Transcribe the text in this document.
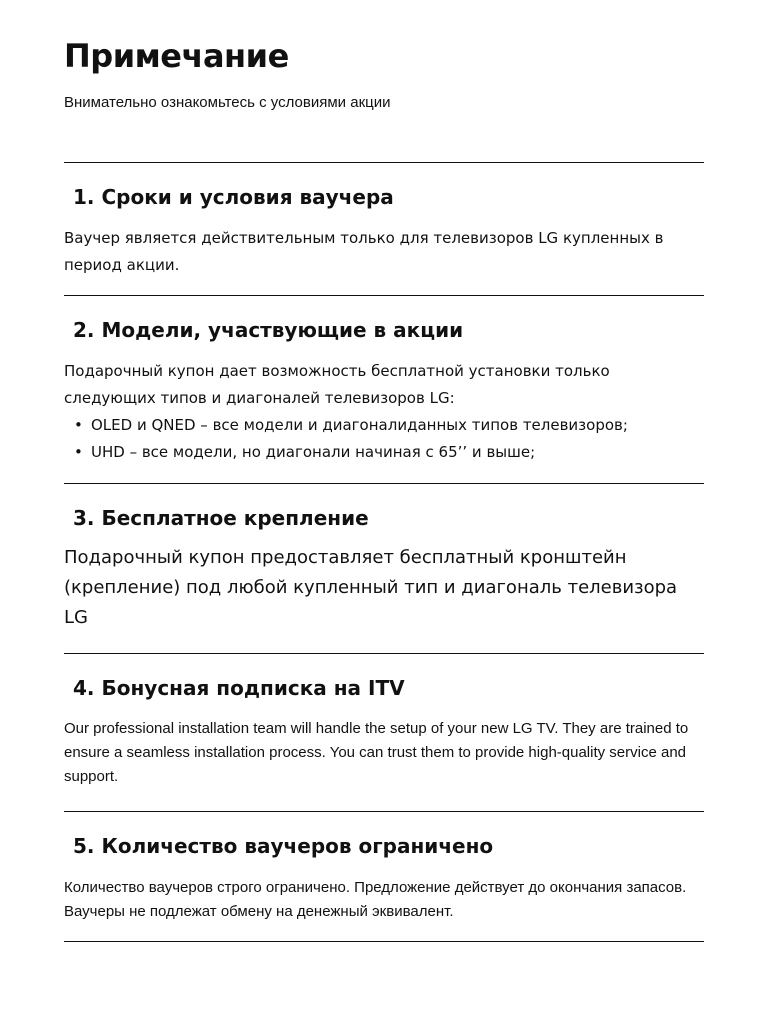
Примечание
Внимательно ознакомьтесь с условиями акции
1. Сроки и условия ваучера

Ваучер является действительным только для телевизоров LG купленных в период акции.

2. Модели, участвующие в акции

Подарочный купон дает возможность бесплатной установки только следующих типов и диагоналей телевизоров LG:

• OLED и QNED – все модели и диагоналиданных типов телевизоров;
• UHD – все модели, но диагонали начиная с 65’’ и выше;
3. Бесплатное крепление

Подарочный купон предоставляет бесплатный кронштейн (крепление) под любой купленный тип и диагональ телевизора LG

4. Бонусная подписка на ITV

Our professional installation team will handle the setup of your new LG TV. They are trained to ensure a seamless installation process. You can trust them to provide high-quality service and support.

5. Количество ваучеров ограничено

Количество ваучеров строго ограничено. Предложение действует до окончания запасов.

Ваучеры не подлежат обмену на денежный эквивалент.
